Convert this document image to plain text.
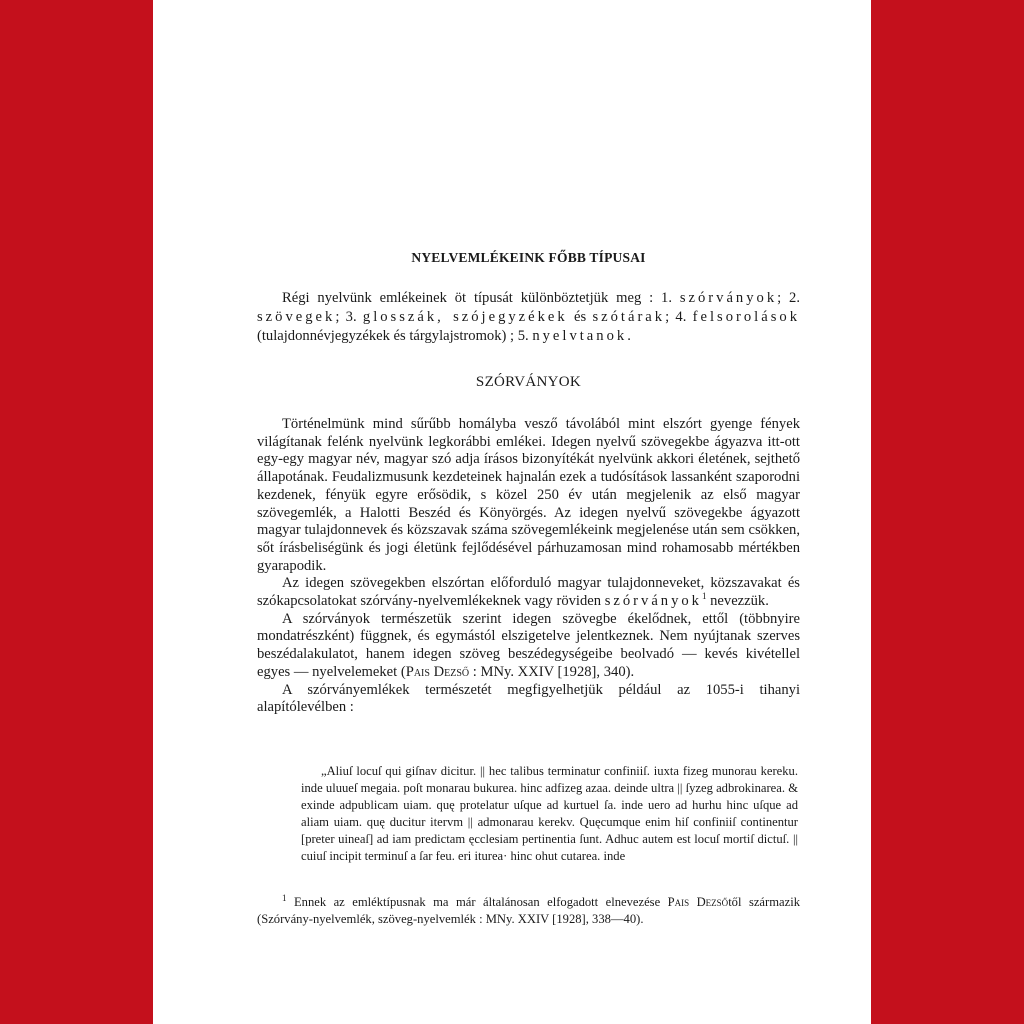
NYELVEMLÉKEINK FŐBB TÍPUSAI

Régi nyelvünk emlékeinek öt típusát különböztetjük meg : 1. szórványok; 2. szövegek; 3. glosszák, szójegyzékek és szótárak; 4. felsorolások (tulajdonnévjegyzékek és tárgylajstromok) ; 5. nyelvtanok.

SZÓRVÁNYOK

Történelmünk mind sűrűbb homályba vesző távolából mint elszórt gyenge fények világítanak felénk nyelvünk legkorábbi emlékei. Idegen nyelvű szövegekbe ágyazva itt-ott egy-egy magyar név, magyar szó adja írásos bizonyítékát nyelvünk akkori életének, sejthető állapotának. Feudalizmusunk kezdeteinek hajnalán ezek a tudósítások lassanként szaporodni kezdenek, fényük egyre erősödik, s közel 250 év után megjelenik az első magyar szövegemlék, a Halotti Beszéd és Könyörgés. Az idegen nyelvű szövegekbe ágyazott magyar tulajdonnevek és közszavak száma szövegemlékeink megjelenése után sem csökken, sőt írásbeliségünk és jogi életünk fejlődésével párhuzamosan mind rohamosabb mértékben gyarapodik.

Az idegen szövegekben elszórtan előforduló magyar tulajdonneveket, közszavakat és szókapcsolatokat szórvány-nyelvemlékeknek vagy röviden szórványok$^1$ nevezzük.

A szórványok természetük szerint idegen szövegbe ékelődnek, ettől (többnyire mondatrészként) függnek, és egymástól elszigetelve jelentkeznek. Nem nyújtanak szerves beszédalakulatot, hanem idegen szöveg beszédegységeibe beolvadó — kevés kivétellel egyes — nyelvelemeket (Pais Dezső : MNy. XXIV [1928], 340).

A szórványemlékek természetét megfigyelhetjük például az 1055-i tihanyi alapítólevélben :

„Aliuſ locuſ qui giſnav dicitur. || hec talibus terminatur confiniiſ. iuxta fizeg munorau kereku. inde uluueſ megaia. poſt monarau bukurea. hinc adfizeg azaa. deinde ultra || ſyzeg adbrokinarea. & exinde adpublicam uiam. quę protelatur uſque ad kurtuel ſa. inde uero ad hurhu hinc uſque ad aliam uiam. quę ducitur itervm || admonarau kerekv. Quęcumque enim hiſ confiniiſ continentur [preter uineaſ] ad iam predictam ęcclesiam pertinentia ſunt. Adhuc autem est locuſ mortiſ dictuſ. || cuiuſ incipit terminuſ a ſar feu. eri iturea· hinc ohut cutarea. inde

$^1$ Ennek az emléktípusnak ma már általánosan elfogadott elnevezése Pais Dezsőtől származik (Szórvány-nyelvemlék, szöveg-nyelvemlék : MNy. XXIV [1928], 338—40).
